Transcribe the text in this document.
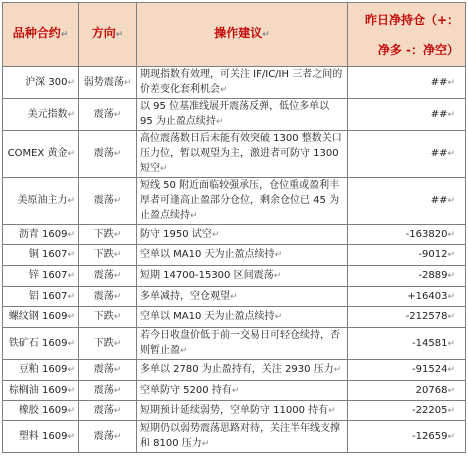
品种合约↵	方向↵	操作建议↵	昨日净持仓（+：
净多 -：净空）

沪深 300↵	弱势震荡↵	期现指数有效理，可关注 IF/IC/IH 三者之间的价差变化套利机会↵	##↵
美元指数↵	震荡↵	以 95 位基准线展开震荡反弹，低位多单以 95 为止盈点续持↵	##↵
COMEX 黄金↵	震荡↵	高位震荡数日后未能有效突破 1300 整数关口压力位，暂以观望为主，激进者可防守 1300 短空↵	##↵
美原油主力↵	震荡↵	短线 50 附近面临较强承压，仓位重或盈利丰厚者可逢高止盈部分仓位，剩余仓位已 45 为止盈点续持↵	##↵
沥青 1609↵	下跌↵	防守 1950 试空↵	-163820↵
铜 1607↵	下跌↵	空单以 MA10 天为止盈点续持↵	-9012↵
锌 1607↵	震荡↵	短期 14700-15300 区间震荡↵	-2889↵
铝 1607↵	震荡↵	多单减持，空仓观望↵	+16403↵
螺纹钢 1609↵	下跌↵	空单以 MA10 天为止盈点续持↵	-212578↵
铁矿石 1609↵	下跌↵	若今日收盘价低于前一交易日可轻仓续持，否则暂止盈↵	-14581↵
豆粕 1609↵	震荡↵	多单以 2780 为止盈持有，关注 2930 压力↵	-91524↵
棕榈油 1609↵	震荡↵	空单防守 5200 持有↵	20768↵
橡胶 1609↵	震荡↵	短期预计延续弱势，空单防守 11000 持有↵	-22205↵
塑料 1609↵	震荡↵	短期仍以弱势震荡思路对待，关注半年线支撑和 8100 压力↵	-12659↵
